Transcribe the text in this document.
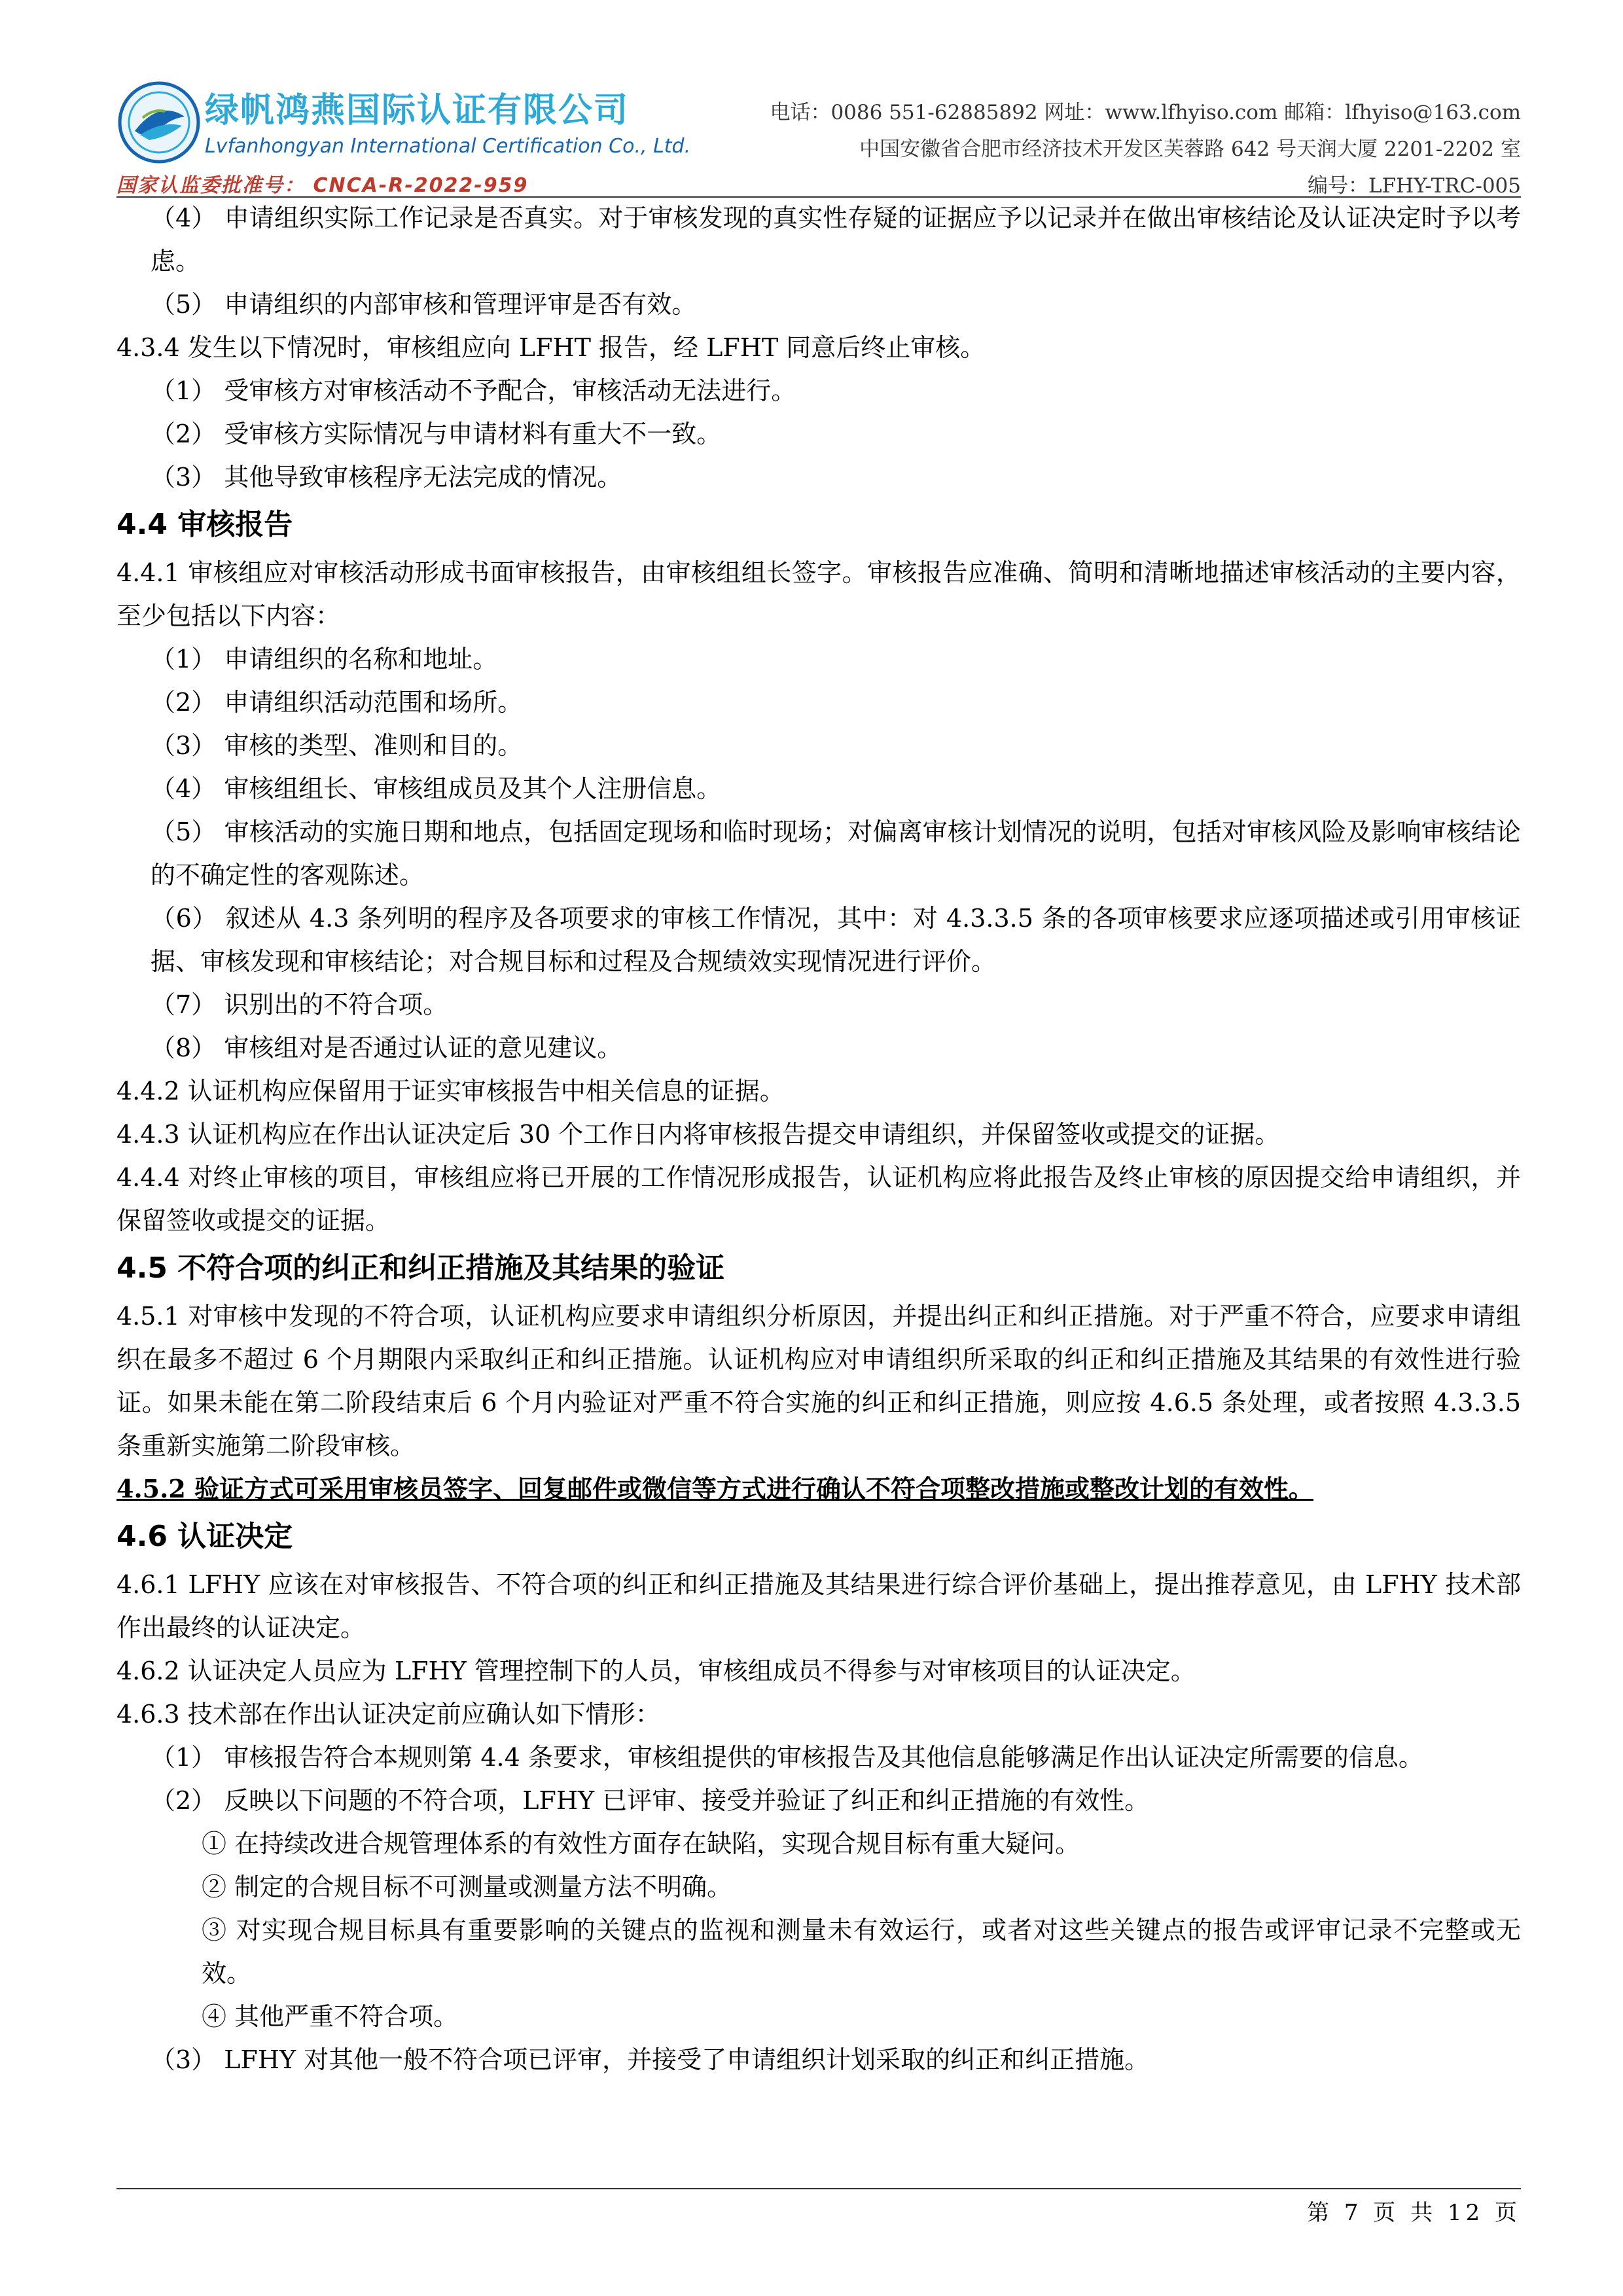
绿帆鸿燕国际认证有限公司
Lvfanhongyan International Certification Co., Ltd.
国家认监委批准号： CNCA-R-2022-959
电话：0086 551-62885892 网址：www.lfhyiso.com 邮箱：lfhyiso@163.com
中国安徽省合肥市经济技术开发区芙蓉路 642 号天润大厦 2201-2202 室
编号：LFHY-TRC-005

（4） 申请组织实际工作记录是否真实。对于审核发现的真实性存疑的证据应予以记录并在做出审核结论及认证决定时予以考虑。

（5） 申请组织的内部审核和管理评审是否有效。

4.3.4 发生以下情况时，审核组应向 LFHT 报告，经 LFHT 同意后终止审核。

（1） 受审核方对审核活动不予配合，审核活动无法进行。

（2） 受审核方实际情况与申请材料有重大不一致。

（3） 其他导致审核程序无法完成的情况。

4.4 审核报告

4.4.1 审核组应对审核活动形成书面审核报告，由审核组组长签字。审核报告应准确、简明和清晰地描述审核活动的主要内容，至少包括以下内容：

（1） 申请组织的名称和地址。

（2） 申请组织活动范围和场所。

（3） 审核的类型、准则和目的。

（4） 审核组组长、审核组成员及其个人注册信息。

（5） 审核活动的实施日期和地点，包括固定现场和临时现场；对偏离审核计划情况的说明，包括对审核风险及影响审核结论的不确定性的客观陈述。

（6） 叙述从 4.3 条列明的程序及各项要求的审核工作情况，其中：对 4.3.3.5 条的各项审核要求应逐项描述或引用审核证据、审核发现和审核结论；对合规目标和过程及合规绩效实现情况进行评价。

（7） 识别出的不符合项。

（8） 审核组对是否通过认证的意见建议。

4.4.2 认证机构应保留用于证实审核报告中相关信息的证据。

4.4.3 认证机构应在作出认证决定后 30 个工作日内将审核报告提交申请组织，并保留签收或提交的证据。

4.4.4 对终止审核的项目，审核组应将已开展的工作情况形成报告，认证机构应将此报告及终止审核的原因提交给申请组织，并保留签收或提交的证据。

4.5 不符合项的纠正和纠正措施及其结果的验证

4.5.1 对审核中发现的不符合项，认证机构应要求申请组织分析原因，并提出纠正和纠正措施。对于严重不符合，应要求申请组织在最多不超过 6 个月期限内采取纠正和纠正措施。认证机构应对申请组织所采取的纠正和纠正措施及其结果的有效性进行验证。如果未能在第二阶段结束后 6 个月内验证对严重不符合实施的纠正和纠正措施，则应按 4.6.5 条处理，或者按照 4.3.3.5 条重新实施第二阶段审核。

4.5.2 验证方式可采用审核员签字、回复邮件或微信等方式进行确认不符合项整改措施或整改计划的有效性。

4.6 认证决定

4.6.1 LFHY 应该在对审核报告、不符合项的纠正和纠正措施及其结果进行综合评价基础上，提出推荐意见，由 LFHY 技术部作出最终的认证决定。

4.6.2 认证决定人员应为 LFHY 管理控制下的人员，审核组成员不得参与对审核项目的认证决定。

4.6.3 技术部在作出认证决定前应确认如下情形：

（1） 审核报告符合本规则第 4.4 条要求，审核组提供的审核报告及其他信息能够满足作出认证决定所需要的信息。

（2） 反映以下问题的不符合项，LFHY 已评审、接受并验证了纠正和纠正措施的有效性。

① 在持续改进合规管理体系的有效性方面存在缺陷，实现合规目标有重大疑问。

② 制定的合规目标不可测量或测量方法不明确。

③ 对实现合规目标具有重要影响的关键点的监视和测量未有效运行，或者对这些关键点的报告或评审记录不完整或无效。

④ 其他严重不符合项。

（3） LFHY 对其他一般不符合项已评审，并接受了申请组织计划采取的纠正和纠正措施。

第 7 页 共 12 页
